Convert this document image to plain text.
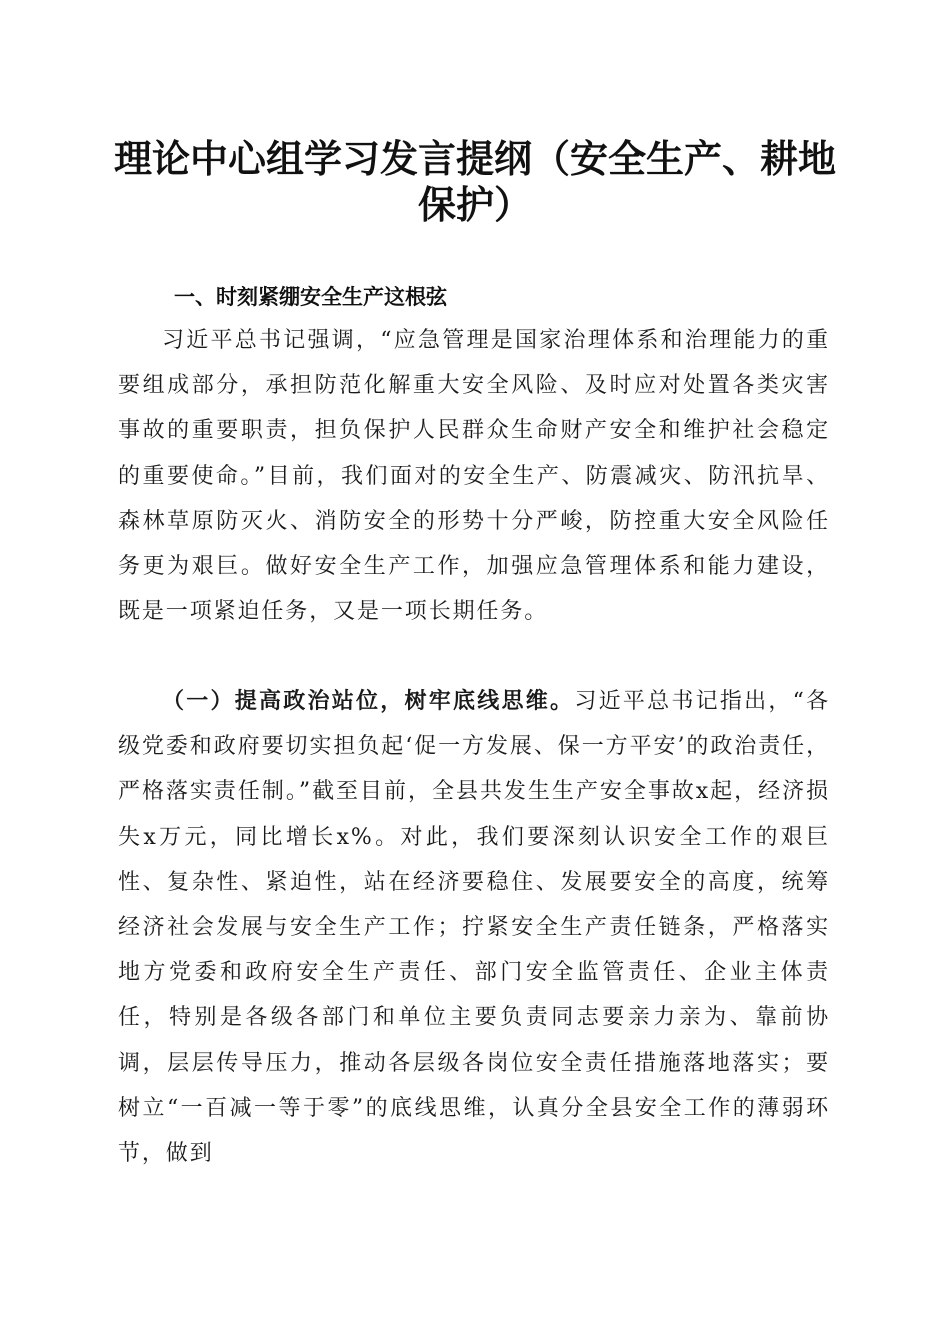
理论中心组学习发言提纲（安全生产、耕地保护）
一、时刻紧绷安全生产这根弦

习近平总书记强调，“应急管理是国家治理体系和治理能力的重要组成部分，承担防范化解重大安全风险、及时应对处置各类灾害事故的重要职责，担负保护人民群众生命财产安全和维护社会稳定的重要使命。”目前，我们面对的安全生产、防震减灾、防汛抗旱、森林草原防灭火、消防安全的形势十分严峻，防控重大安全风险任务更为艰巨。做好安全生产工作，加强应急管理体系和能力建设，既是一项紧迫任务，又是一项长期任务。

（一）提高政治站位，树牢底线思维。习近平总书记指出，“各级党委和政府要切实担负起‘促一方发展、保一方平安’的政治责任，严格落实责任制。”截至目前，全县共发生生产安全事故x起，经济损失x万元，同比增长x%。对此，我们要深刻认识安全工作的艰巨性、复杂性、紧迫性，站在经济要稳住、发展要安全的高度，统筹经济社会发展与安全生产工作；拧紧安全生产责任链条，严格落实地方党委和政府安全生产责任、部门安全监管责任、企业主体责任，特别是各级各部门和单位主要负责同志要亲力亲为、靠前协调，层层传导压力，推动各层级各岗位安全责任措施落地落实；要树立“一百减一等于零”的底线思维，认真分全县安全工作的薄弱环节，做到
